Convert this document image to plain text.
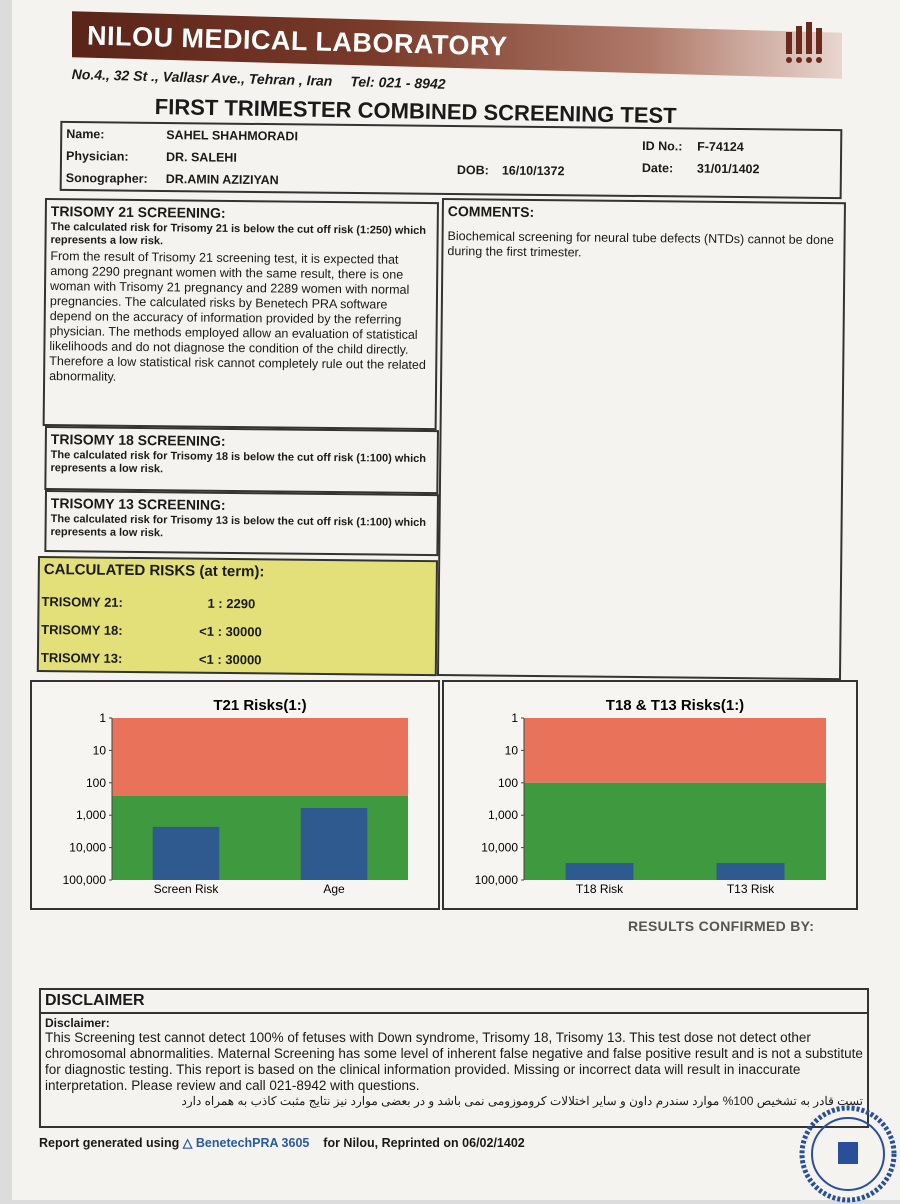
NILOU MEDICAL LABORATORY
No.4., 32 St ., Vallasr Ave., Tehran , Iran Tel: 021 - 8942
FIRST TRIMESTER COMBINED SCREENING TEST
Name:	SAHEL SHAHMORADI
Physician:	DR. SALEHI
Sonographer: DR.AMIN AZIZIYAN
DOB: 16/10/1372
ID No.: F-74124
Date: 31/01/1402
TRISOMY 21 SCREENING:
The calculated risk for Trisomy 21 is below the cut off risk (1:250) which represents a low risk.
From the result of Trisomy 21 screening test, it is expected that among 2290 pregnant women with the same result, there is one woman with Trisomy 21 pregnancy and 2289 women with normal pregnancies. The calculated risks by Benetech PRA software depend on the accuracy of information provided by the referring physician. The methods employed allow an evaluation of statistical likelihoods and do not diagnose the condition of the child directly. Therefore a low statistical risk cannot completely rule out the related abnormality.
TRISOMY 18 SCREENING:
The calculated risk for Trisomy 18 is below the cut off risk (1:100) which represents a low risk.
TRISOMY 13 SCREENING:
The calculated risk for Trisomy 13 is below the cut off risk (1:100) which represents a low risk.
COMMENTS:
Biochemical screening for neural tube defects (NTDs) cannot be done during the first trimester.
CALCULATED RISKS (at term):
TRISOMY 21:	1 : 2290
TRISOMY 18:	<1 : 30000
TRISOMY 13:	<1 : 30000
T21 Risks(1:)
1
10
100
1,000
10,000
100,000
Screen Risk	Age
T18 & T13 Risks(1:)
1
10
100
1,000
10,000
100,000
T18 Risk	T13 Risk
RESULTS CONFIRMED BY:
DISCLAIMER
Disclaimer:
This Screening test cannot detect 100% of fetuses with Down syndrome, Trisomy 18, Trisomy 13. This test dose not detect other chromosomal abnormalities. Maternal Screening has some level of inherent false negative and false positive result and is not a substitute for diagnostic testing. This report is based on the clinical information provided. Missing or incorrect data will result in inaccurate interpretation. Please review and call 021-8942 with questions.
تست قادر به تشخیص 100% موارد سندرم داون و سایر اختلالات کروموزومی نمی باشد و در بعضی موارد نیز نتایج مثبت کاذب به همراه دارد
Report generated using △ BenetechPRA 3605 for Nilou, Reprinted on 06/02/1402
